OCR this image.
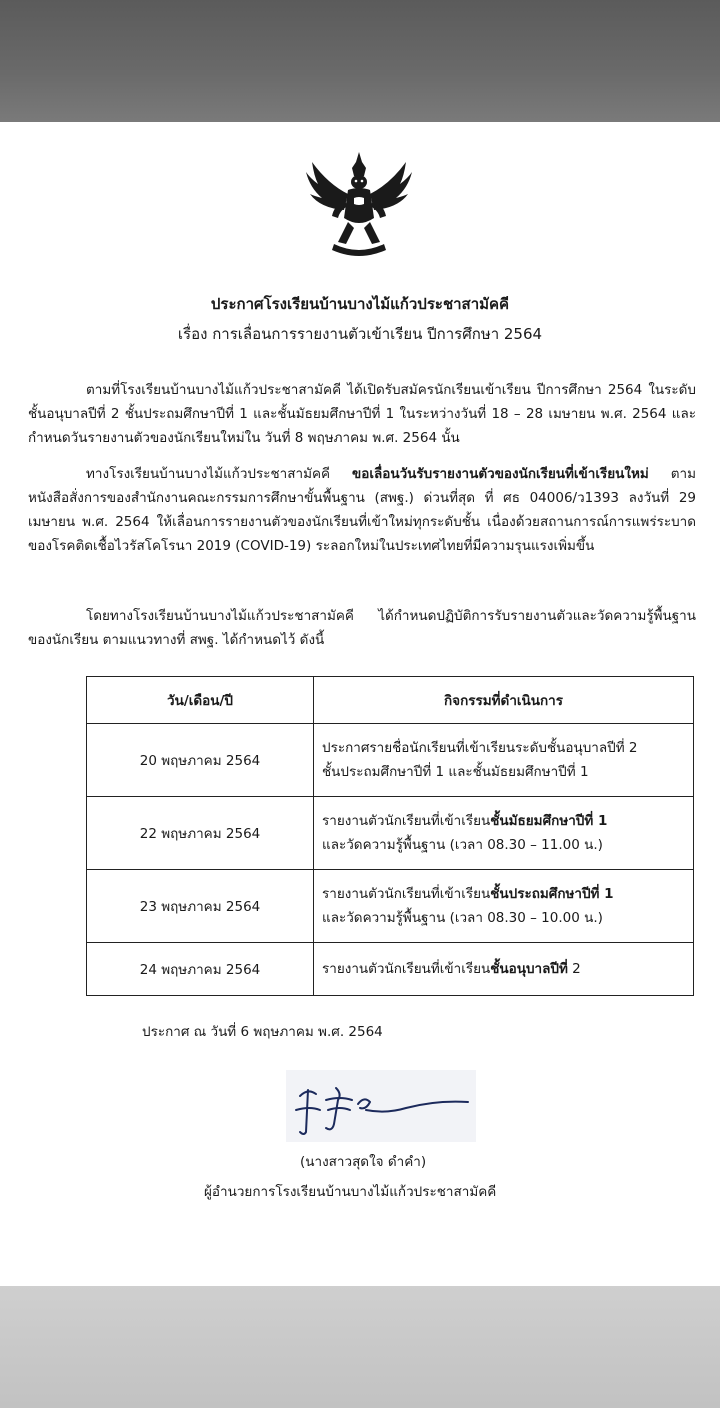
ประกาศโรงเรียนบ้านบางไม้แก้วประชาสามัคคี
เรื่อง การเลื่อนการรายงานตัวเข้าเรียน ปีการศึกษา 2564

ตามที่โรงเรียนบ้านบางไม้แก้วประชาสามัคคี ได้เปิดรับสมัครนักเรียนเข้าเรียน ปีการศึกษา 2564 ในระดับชั้นอนุบาลปีที่ 2 ชั้นประถมศึกษาปีที่ 1 และชั้นมัธยมศึกษาปีที่ 1 ในระหว่างวันที่ 18 – 28 เมษายน พ.ศ. 2564 และกำหนดวันรายงานตัวของนักเรียนใหม่ใน วันที่ 8 พฤษภาคม พ.ศ. 2564 นั้น

ทางโรงเรียนบ้านบางไม้แก้วประชาสามัคคี ขอเลื่อนวันรับรายงานตัวของนักเรียนที่เข้าเรียนใหม่ ตามหนังสือสั่งการของสำนักงานคณะกรรมการศึกษาขั้นพื้นฐาน (สพฐ.) ด่วนที่สุด ที่ ศธ 04006/ว1393 ลงวันที่ 29 เมษายน พ.ศ. 2564 ให้เลื่อนการรายงานตัวของนักเรียนที่เข้าใหม่ทุกระดับชั้น เนื่องด้วยสถานการณ์การแพร่ระบาดของโรคติดเชื้อไวรัสโคโรนา 2019 (COVID-19) ระลอกใหม่ในประเทศไทยที่มีความรุนแรงเพิ่มขึ้น

โดยทางโรงเรียนบ้านบางไม้แก้วประชาสามัคคี ได้กำหนดปฏิบัติการรับรายงานตัวและวัดความรู้พื้นฐานของนักเรียน ตามแนวทางที่ สพฐ. ได้กำหนดไว้ ดังนี้

วัน/เดือน/ปี	กิจกรรมที่ดำเนินการ
20 พฤษภาคม 2564	ประกาศรายชื่อนักเรียนที่เข้าเรียนระดับชั้นอนุบาลปีที่ 2
ชั้นประถมศึกษาปีที่ 1 และชั้นมัธยมศึกษาปีที่ 1
22 พฤษภาคม 2564	รายงานตัวนักเรียนที่เข้าเรียนชั้นมัธยมศึกษาปีที่ 1
และวัดความรู้พื้นฐาน (เวลา 08.30 – 11.00 น.)
23 พฤษภาคม 2564	รายงานตัวนักเรียนที่เข้าเรียนชั้นประถมศึกษาปีที่ 1
และวัดความรู้พื้นฐาน (เวลา 08.30 – 10.00 น.)
24 พฤษภาคม 2564	รายงานตัวนักเรียนที่เข้าเรียนชั้นอนุบาลปีที่ 2
ประกาศ ณ วันที่ 6 พฤษภาคม พ.ศ. 2564
(นางสาวสุดใจ ดำคำ)
ผู้อำนวยการโรงเรียนบ้านบางไม้แก้วประชาสามัคคี
